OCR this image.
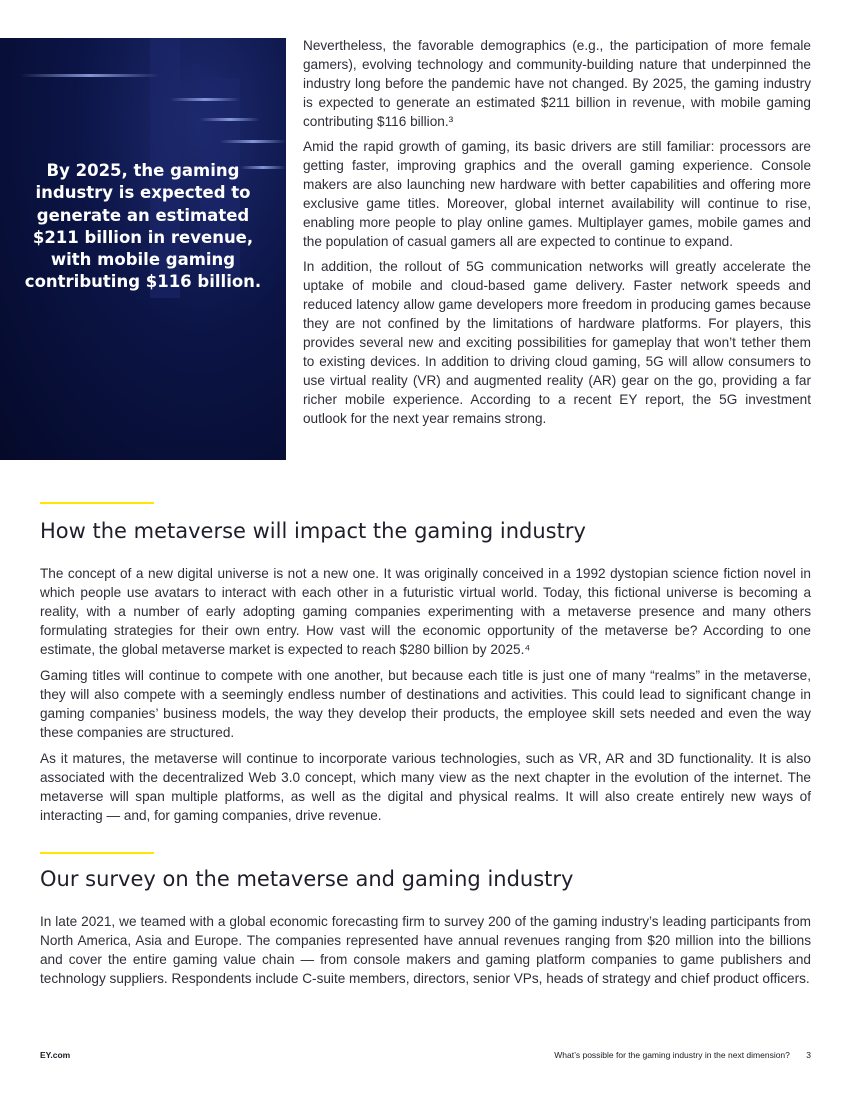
By 2025, the gaming industry is expected to generate an estimated $211 billion in revenue, with mobile gaming contributing $116 billion.

Nevertheless, the favorable demographics (e.g., the participation of more female gamers), evolving technology and community-building nature that underpinned the industry long before the pandemic have not changed. By 2025, the gaming industry is expected to generate an estimated $211 billion in revenue, with mobile gaming contributing $116 billion.³

Amid the rapid growth of gaming, its basic drivers are still familiar: processors are getting faster, improving graphics and the overall gaming experience. Console makers are also launching new hardware with better capabilities and offering more exclusive game titles. Moreover, global internet availability will continue to rise, enabling more people to play online games. Multiplayer games, mobile games and the population of casual gamers all are expected to continue to expand.

In addition, the rollout of 5G communication networks will greatly accelerate the uptake of mobile and cloud-based game delivery. Faster network speeds and reduced latency allow game developers more freedom in producing games because they are not confined by the limitations of hardware platforms. For players, this provides several new and exciting possibilities for gameplay that won’t tether them to existing devices. In addition to driving cloud gaming, 5G will allow consumers to use virtual reality (VR) and augmented reality (AR) gear on the go, providing a far richer mobile experience. According to a recent EY report, the 5G investment outlook for the next year remains strong.

How the metaverse will impact the gaming industry

The concept of a new digital universe is not a new one. It was originally conceived in a 1992 dystopian science fiction novel in which people use avatars to interact with each other in a futuristic virtual world. Today, this fictional universe is becoming a reality, with a number of early adopting gaming companies experimenting with a metaverse presence and many others formulating strategies for their own entry. How vast will the economic opportunity of the metaverse be? According to one estimate, the global metaverse market is expected to reach $280 billion by 2025.⁴

Gaming titles will continue to compete with one another, but because each title is just one of many “realms” in the metaverse, they will also compete with a seemingly endless number of destinations and activities. This could lead to significant change in gaming companies’ business models, the way they develop their products, the employee skill sets needed and even the way these companies are structured.

As it matures, the metaverse will continue to incorporate various technologies, such as VR, AR and 3D functionality. It is also associated with the decentralized Web 3.0 concept, which many view as the next chapter in the evolution of the internet. The metaverse will span multiple platforms, as well as the digital and physical realms. It will also create entirely new ways of interacting — and, for gaming companies, drive revenue.

Our survey on the metaverse and gaming industry

In late 2021, we teamed with a global economic forecasting firm to survey 200 of the gaming industry’s leading participants from North America, Asia and Europe. The companies represented have annual revenues ranging from $20 million into the billions and cover the entire gaming value chain — from console makers and gaming platform companies to game publishers and technology suppliers. Respondents include C-suite members, directors, senior VPs, heads of strategy and chief product officers.

EY.com	What’s possible for the gaming industry in the next dimension? 3
